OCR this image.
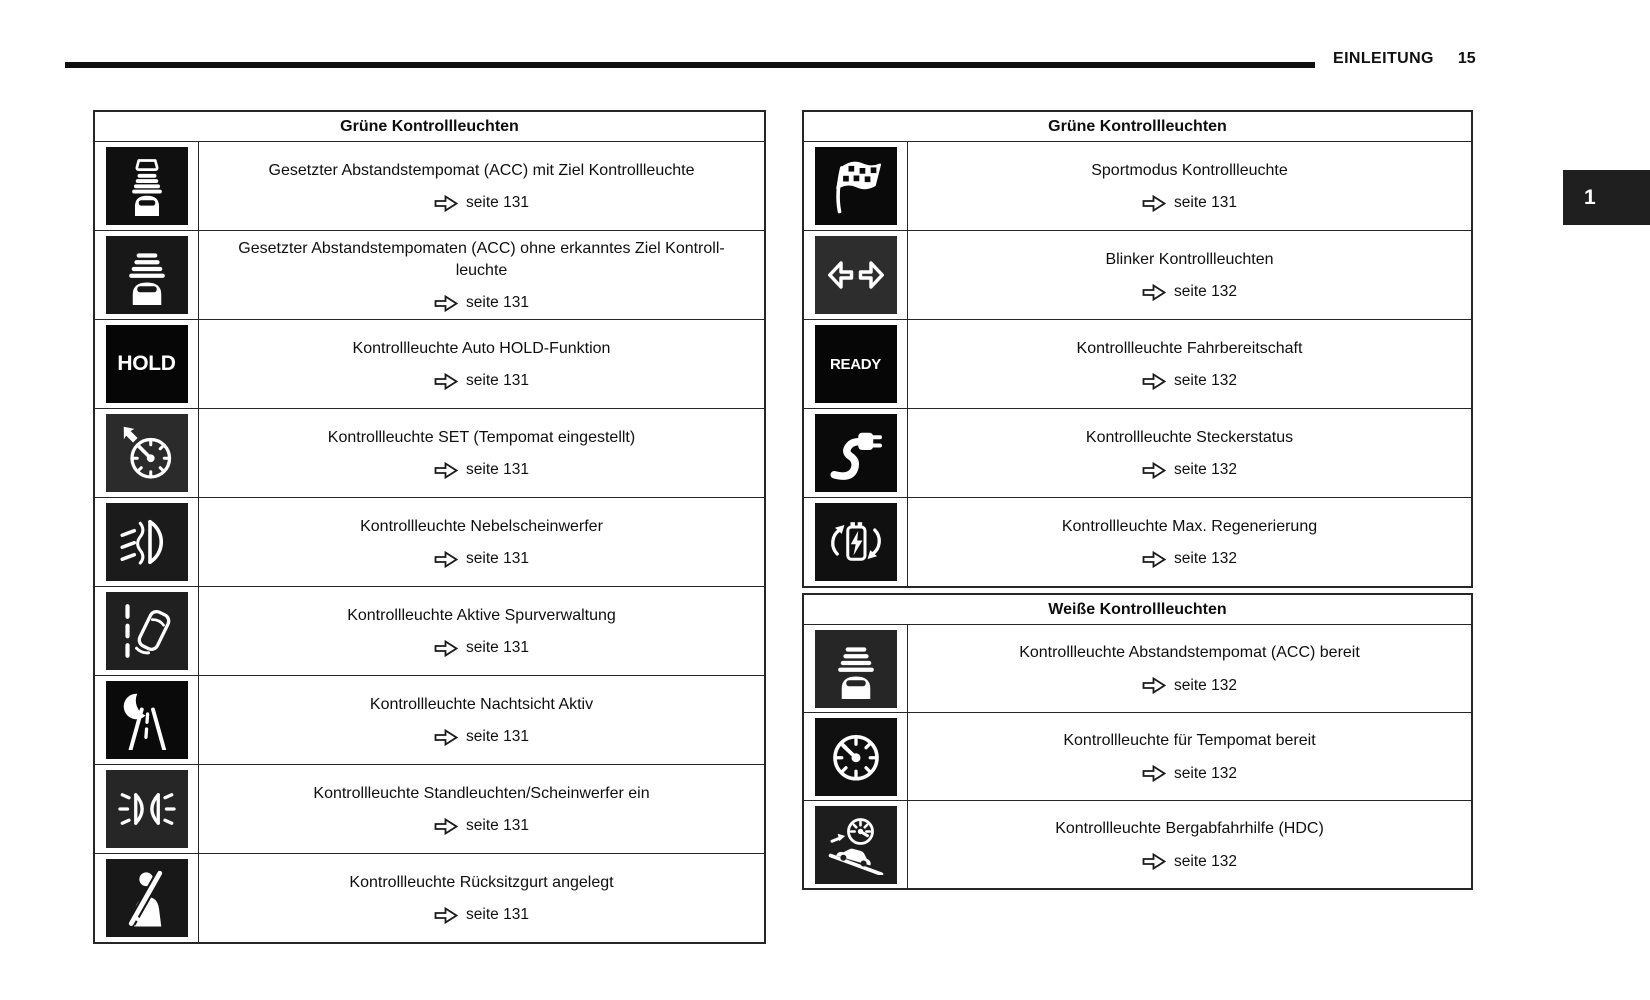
EINLEITUNG 15
1
Grüne Kontrollleuchten
Gesetzter Abstandstempomat (ACC) mit Ziel Kontrollleuchte
seite 131
Gesetzter Abstandstempomaten (ACC) ohne erkanntes Ziel Kontroll-leuchte
seite 131
HOLD
Kontrollleuchte Auto HOLD-Funktion
seite 131
Kontrollleuchte SET (Tempomat eingestellt)
seite 131
Kontrollleuchte Nebelscheinwerfer
seite 131
Kontrollleuchte Aktive Spurverwaltung
seite 131
Kontrollleuchte Nachtsicht Aktiv
seite 131
Kontrollleuchte Standleuchten/Scheinwerfer ein
seite 131
Kontrollleuchte Rücksitzgurt angelegt
seite 131
Grüne Kontrollleuchten
Sportmodus Kontrollleuchte
seite 131
Blinker Kontrollleuchten
seite 132
READY
Kontrollleuchte Fahrbereitschaft
seite 132
Kontrollleuchte Steckerstatus
seite 132
Kontrollleuchte Max. Regenerierung
seite 132
Weiße Kontrollleuchten
Kontrollleuchte Abstandstempomat (ACC) bereit
seite 132
Kontrollleuchte für Tempomat bereit
seite 132
Kontrollleuchte Bergabfahrhilfe (HDC)
seite 132
